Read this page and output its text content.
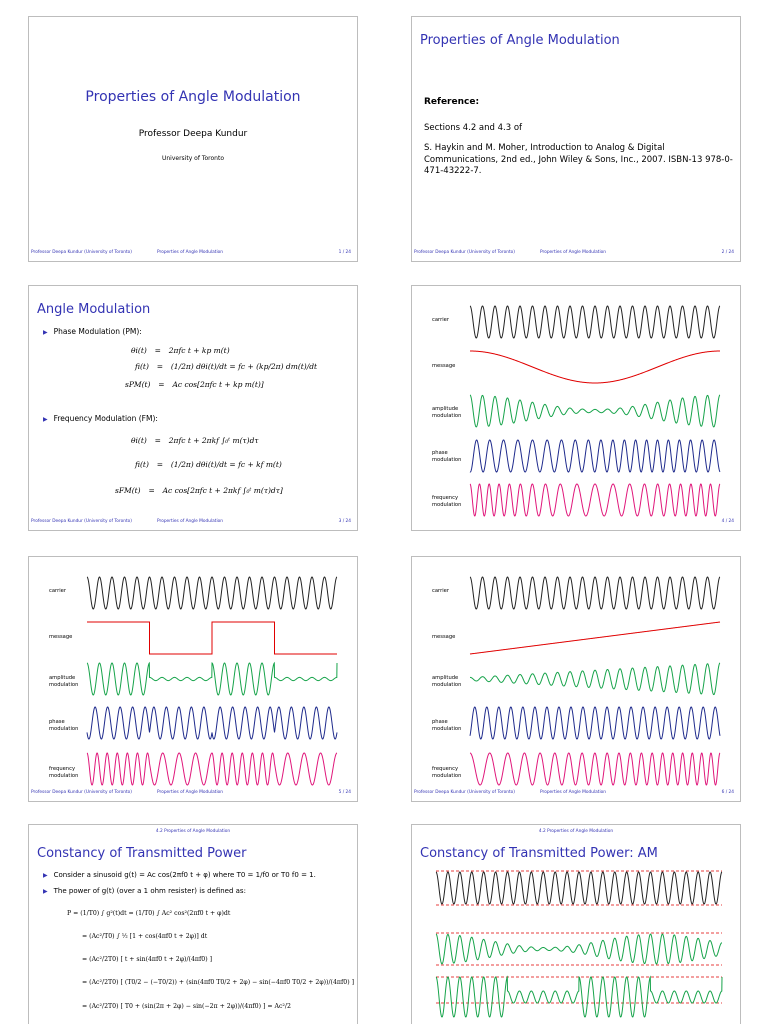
Properties of Angle Modulation
Professor Deepa Kundur
University of Toronto
Professor Deepa Kundur (University of Toronto)	Properties of Angle Modulation	1 / 24
Properties of Angle Modulation
Reference:
Sections 4.2 and 4.3 of
S. Haykin and M. Moher, Introduction to Analog & Digital Communications, 2nd ed., John Wiley & Sons, Inc., 2007. ISBN-13 978-0-471-43222-7.
Professor Deepa Kundur (University of Toronto)	Properties of Angle Modulation	2 / 24
Angle Modulation
▶ Phase Modulation (PM):
θi(t) = 2πfc t + kp m(t)
fi(t) = (1/2π) dθi(t)/dt = fc + (kp/2π) dm(t)/dt
sPM(t) = Ac cos[2πfc t + kp m(t)]
▶ Frequency Modulation (FM):
θi(t) = 2πfc t + 2πkf ∫₀ᵗ m(τ)dτ
fi(t) = (1/2π) dθi(t)/dt = fc + kf m(t)
sFM(t) = Ac cos[2πfc t + 2πkf ∫₀ᵗ m(τ)dτ]
Professor Deepa Kundur (University of Toronto)	Properties of Angle Modulation	3 / 24
carrier
message
amplitude modulation
phase modulation
frequency modulation
4 / 24
carrier
message
amplitude modulation
phase modulation
frequency modulation
Professor Deepa Kundur (University of Toronto)	Properties of Angle Modulation	5 / 24
carrier
message
amplitude modulation
phase modulation
frequency modulation
Professor Deepa Kundur (University of Toronto)	Properties of Angle Modulation	6 / 24
4.2 Properties of Angle Modulation
Constancy of Transmitted Power
▶ Consider a sinusoid g(t) = Ac cos(2πf0 t + φ) where T0 = 1/f0 or T0 f0 = 1.
▶ The power of g(t) (over a 1 ohm resister) is defined as:
P = (1/T0) ∫ g²(t)dt = (1/T0) ∫ Ac² cos²(2πf0 t + φ)dt
= (Ac²/T0) ∫ ½ [1 + cos(4πf0 t + 2φ)] dt
= (Ac²/2T0) [ t + sin(4πf0 t + 2φ)/(4πf0) ]
= (Ac²/2T0) [ (T0/2 − (−T0/2)) + (sin(4πf0 T0/2 + 2φ) − sin(−4πf0 T0/2 + 2φ))/(4πf0) ]
= (Ac²/2T0) [ T0 + (sin(2π + 2φ) − sin(−2π + 2φ))/(4πf0) ] = Ac²/2
4.2 Properties of Angle Modulation
Constancy of Transmitted Power: AM
